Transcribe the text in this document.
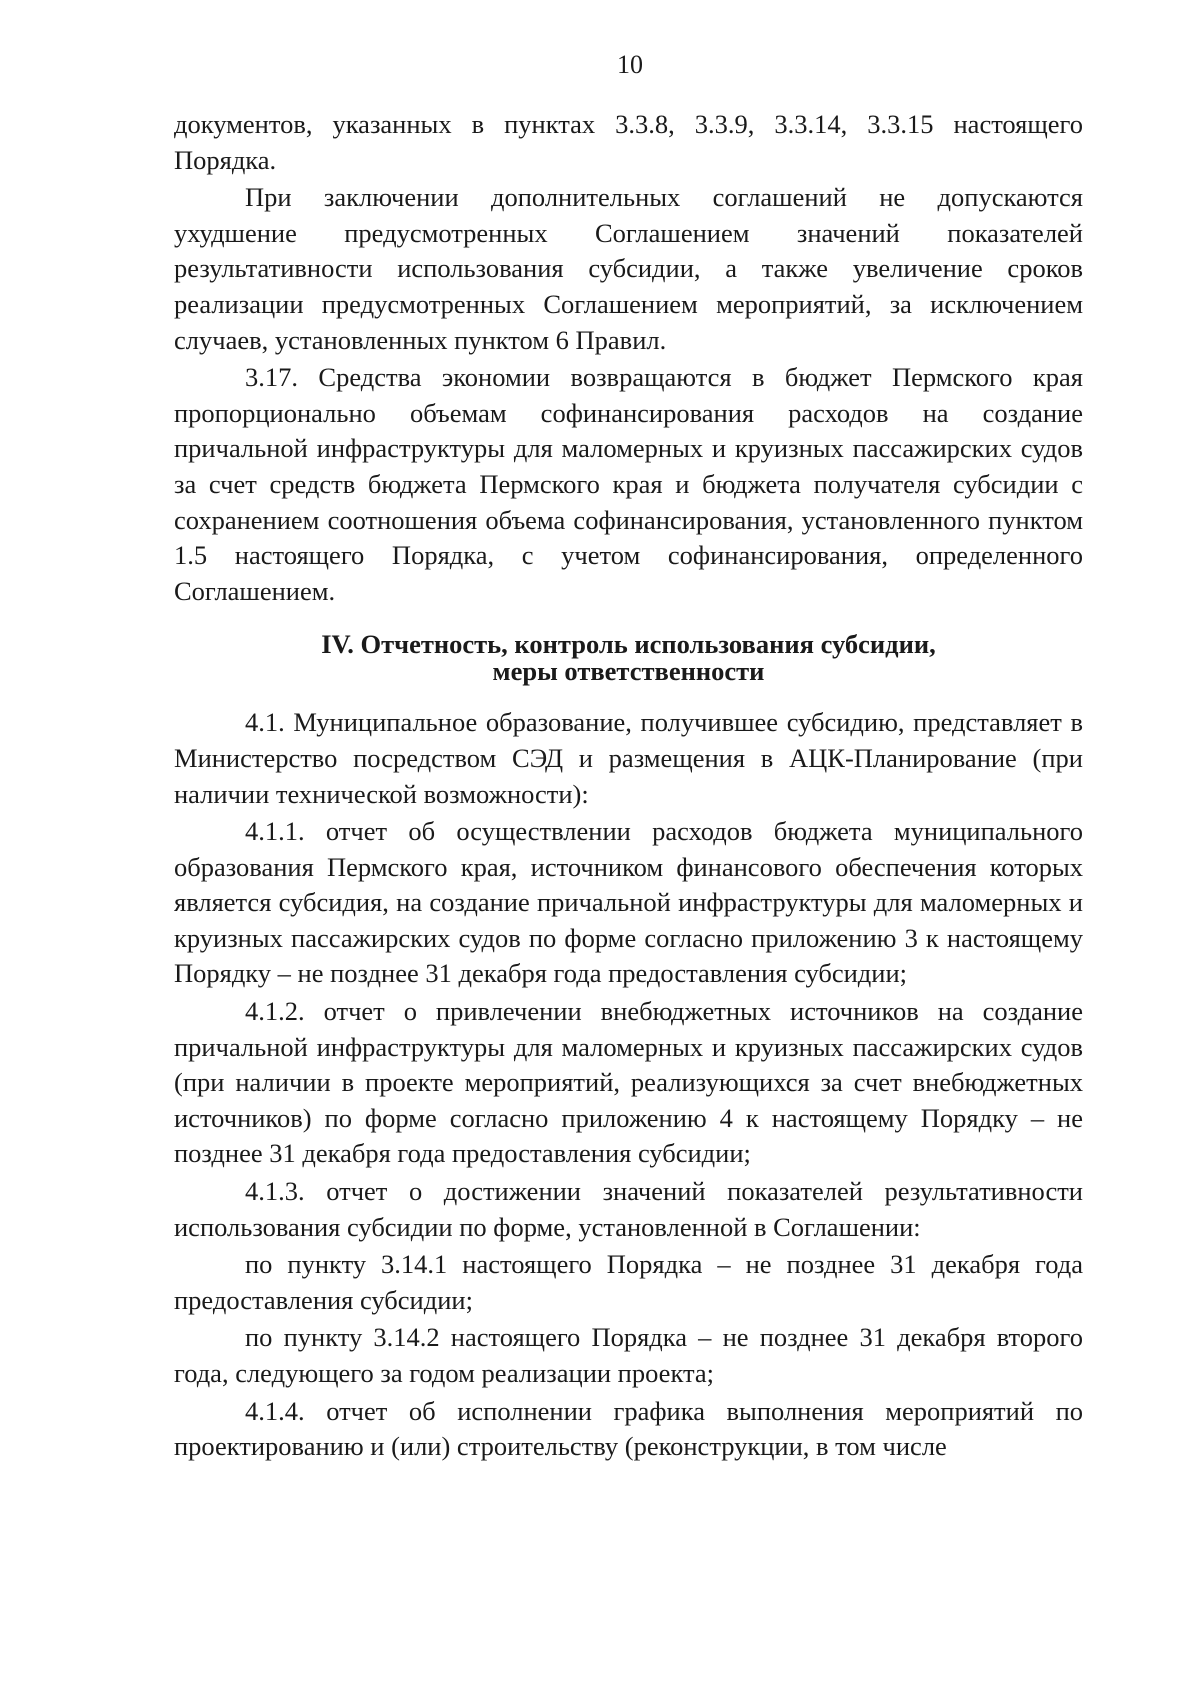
10

документов, указанных в пунктах 3.3.8, 3.3.9, 3.3.14, 3.3.15 настоящего Порядка.

При заключении дополнительных соглашений не допускаются ухудшение предусмотренных Соглашением значений показателей результативности использования субсидии, а также увеличение сроков реализации предусмотренных Соглашением мероприятий, за исключением случаев, установленных пунктом 6 Правил.

3.17. Средства экономии возвращаются в бюджет Пермского края пропорционально объемам софинансирования расходов на создание причальной инфраструктуры для маломерных и круизных пассажирских судов за счет средств бюджета Пермского края и бюджета получателя субсидии с сохранением соотношения объема софинансирования, установленного пунктом 1.5 настоящего Порядка, с учетом софинансирования, определенного Соглашением.

IV. Отчетность, контроль использования субсидии,
меры ответственности

4.1. Муниципальное образование, получившее субсидию, представляет в Министерство посредством СЭД и размещения в АЦК-Планирование (при наличии технической возможности):

4.1.1. отчет об осуществлении расходов бюджета муниципального образования Пермского края, источником финансового обеспечения которых является субсидия, на создание причальной инфраструктуры для маломерных и круизных пассажирских судов по форме согласно приложению 3 к настоящему Порядку – не позднее 31 декабря года предоставления субсидии;

4.1.2. отчет о привлечении внебюджетных источников на создание причальной инфраструктуры для маломерных и круизных пассажирских судов (при наличии в проекте мероприятий, реализующихся за счет внебюджетных источников) по форме согласно приложению 4 к настоящему Порядку – не позднее 31 декабря года предоставления субсидии;

4.1.3. отчет о достижении значений показателей результативности использования субсидии по форме, установленной в Соглашении:

по пункту 3.14.1 настоящего Порядка – не позднее 31 декабря года предоставления субсидии;

по пункту 3.14.2 настоящего Порядка – не позднее 31 декабря второго года, следующего за годом реализации проекта;

4.1.4. отчет об исполнении графика выполнения мероприятий по проектированию и (или) строительству (реконструкции, в том числе
